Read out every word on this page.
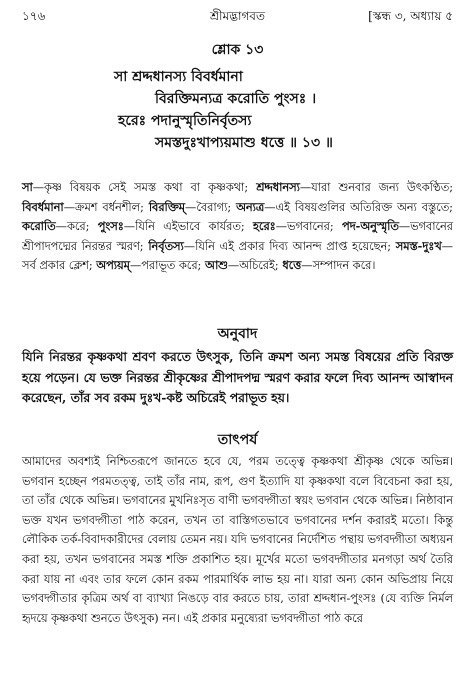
১৭৬	শ্রীমদ্ভাগবত	[স্কন্ধ ৩, অধ্যায় ৫
শ্লোক ১৩
সা শ্রদ্দধানস্য বিবর্ধমানা
বিরক্তিমন্যত্র করোতি পুংসঃ ।
হরেঃ পদানুস্মৃতিনির্বৃতস্য
সমস্তদুঃখাপ্যয়মাশু ধত্তে ॥ ১৩ ॥
সা—কৃষ্ণ বিষয়ক সেই সমস্ত কথা বা কৃষ্ণকথা; শ্রদ্দধানস্য—যারা শুনবার জন্য উৎকণ্ঠিত; বিবর্ধমানা—ক্রমশ বর্ধনশীল; বিরক্তিম্—বৈরাগ্য; অন্যত্র—এই বিষয়গুলির অতিরিক্ত অন্য বস্তুতে; করোতি—করে; পুংসঃ—যিনি এইভাবে কার্যরত; হরেঃ—ভগবানের; পদ-অনুস্মৃতি—ভগবানের শ্রীপাদপদ্মের নিরন্তর স্মরণ; নির্বৃতস্য—যিনি এই প্রকার দিব্য আনন্দ প্রাপ্ত হয়েছেন; সমস্ত-দুঃখ—সর্ব প্রকার ক্লেশ; অপ্যয়ম্—পরাভূত করে; আশু—অচিরেই; ধত্তে—সম্পাদন করে।
অনুবাদ
যিনি নিরন্তর কৃষ্ণকথা শ্রবণ করতে উৎসুক, তিনি ক্রমশ অন্য সমস্ত বিষয়ের প্রতি বিরক্ত হয়ে পড়েন। যে ভক্ত নিরন্তর শ্রীকৃষ্ণের শ্রীপাদপদ্ম স্মরণ করার ফলে দিব্য আনন্দ আস্বাদন করেছেন, তাঁর সব রকম দুঃখ-কষ্ট অচিরেই পরাভূত হয়।
তাৎপর্য
আমাদের অবশ্যই নিশ্চিতরূপে জানতে হবে যে, পরম তত্ত্বে কৃষ্ণকথা শ্রীকৃষ্ণ থেকে অভিন্ন। ভগবান হচ্ছেন পরমতত্ত্ব, তাই তাঁর নাম, রূপ, গুণ ইত্যাদি যা কৃষ্ণকথা বলে বিবেচনা করা হয়, তা তাঁর থেকে অভিন্ন। ভগবানের মুখনিঃসৃত বাণী ভগবদ্গীতা স্বয়ং ভগবান থেকে অভিন্ন। নিষ্ঠাবান ভক্ত যখন ভগবদ্গীতা পাঠ করেন, তখন তা বাস্তিগতভাবে ভগবানের দর্শন করারই মতো। কিন্তু লৌকিক তর্ক-বিবাদকারীদের বেলায় তেমন নয়। যদি ভগবানের নির্দেশিত পন্থায় ভগবদ্গীতা অধ্যয়ন করা হয়, তখন ভগবানের সমস্ত শক্তি প্রকাশিত হয়। মূর্খের মতো ভগবদ্গীতার মনগড়া অর্থ তৈরি করা যায় না এবং তার ফলে কোন রকম পারমার্থিক লাভ হয় না। যারা অন্য কোন অভিপ্রায় নিয়ে ভগবদ্গীতার কৃত্রিম অর্থ বা ব্যাখ্যা নিঙড়ে বার করতে চায়, তারা শ্রদ্দধান-পুংসঃ (যে ব্যক্তি নির্মল হৃদয়ে কৃষ্ণকথা শুনতে উৎসুক) নন। এই প্রকার মনুষ্যেরা ভগবদ্গীতা পাঠ করে
